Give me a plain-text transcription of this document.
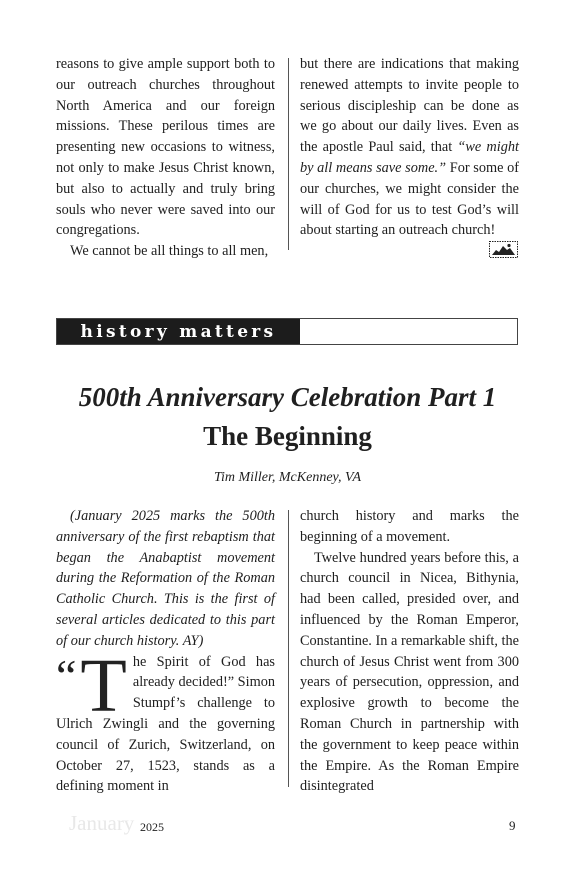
reasons to give ample support both to our outreach churches throughout North America and our foreign missions. These perilous times are presenting new occasions to witness, not only to make Jesus Christ known, but also to actually and truly bring souls who never were saved into our congregations.

We cannot be all things to all men,

but there are indications that making renewed attempts to invite people to serious discipleship can be done as we go about our daily lives. Even as the apostle Paul said, that “we might by all means save some.” For some of our churches, we might consider the will of God for us to test God’s will about starting an outreach church!

history matters
500th Anniversary Celebration Part 1
The Beginning
Tim Miller, McKenney, VA

(January 2025 marks the 500th anniversary of the first rebaptism that began the Anabaptist movement during the Reformation of the Roman Catholic Church. This is the first of several articles dedicated to this part of our church history. AY)

“ T he Spirit of God has already decided!” Simon Stumpf’s challenge to Ulrich Zwingli and the governing council of Zurich, Switzerland, on October 27, 1523, stands as a defining moment in

church history and marks the beginning of a movement.

Twelve hundred years before this, a church council in Nicea, Bithynia, had been called, presided over, and influenced by the Roman Emperor, Constantine. In a remarkable shift, the church of Jesus Christ went from 300 years of persecution, oppression, and explosive growth to become the Roman Church in partnership with the government to keep peace within the Empire. As the Roman Empire disintegrated

January 2025	9
